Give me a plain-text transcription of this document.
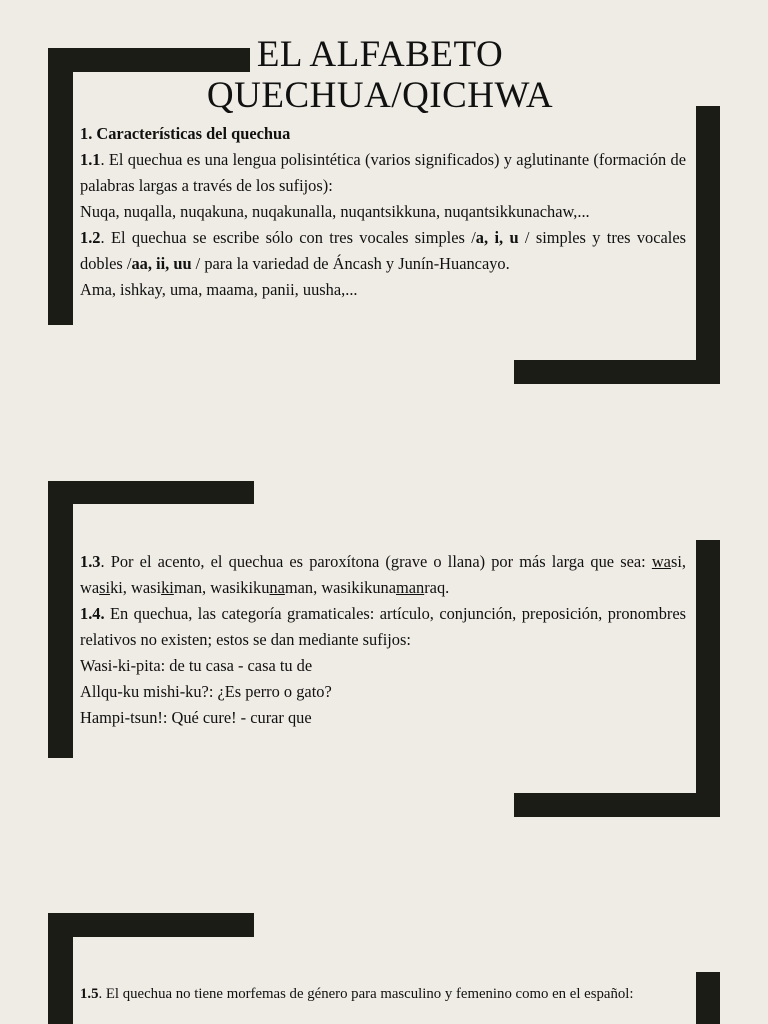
EL ALFABETO
QUECHUA/QICHWA

1. Características del quechua

1.1. El quechua es una lengua polisintética (varios significados) y aglutinante (formación de palabras largas a través de los sufijos):

Nuqa, nuqalla, nuqakuna, nuqakunalla, nuqantsikkuna, nuqantsikkunachaw,...

1.2. El quechua se escribe sólo con tres vocales simples /a, i, u / simples y tres vocales dobles /aa, ii, uu / para la variedad de Áncash y Junín-Huancayo.

Ama, ishkay, uma, maama, panii, uusha,...

1.3. Por el acento, el quechua es paroxítona (grave o llana) por más larga que sea: wasi, wasiki, wasikiman, wasikikunaman, wasikikunamanraq.

1.4. En quechua, las categoría gramaticales: artículo, conjunción, preposición, pronombres relativos no existen; estos se dan mediante sufijos:

Wasi-ki-pita: de tu casa - casa tu de

Allqu-ku mishi-ku?: ¿Es perro o gato?

Hampi-tsun!: Qué cure! - curar que

1.5. El quechua no tiene morfemas de género para masculino y femenino como en el español:
